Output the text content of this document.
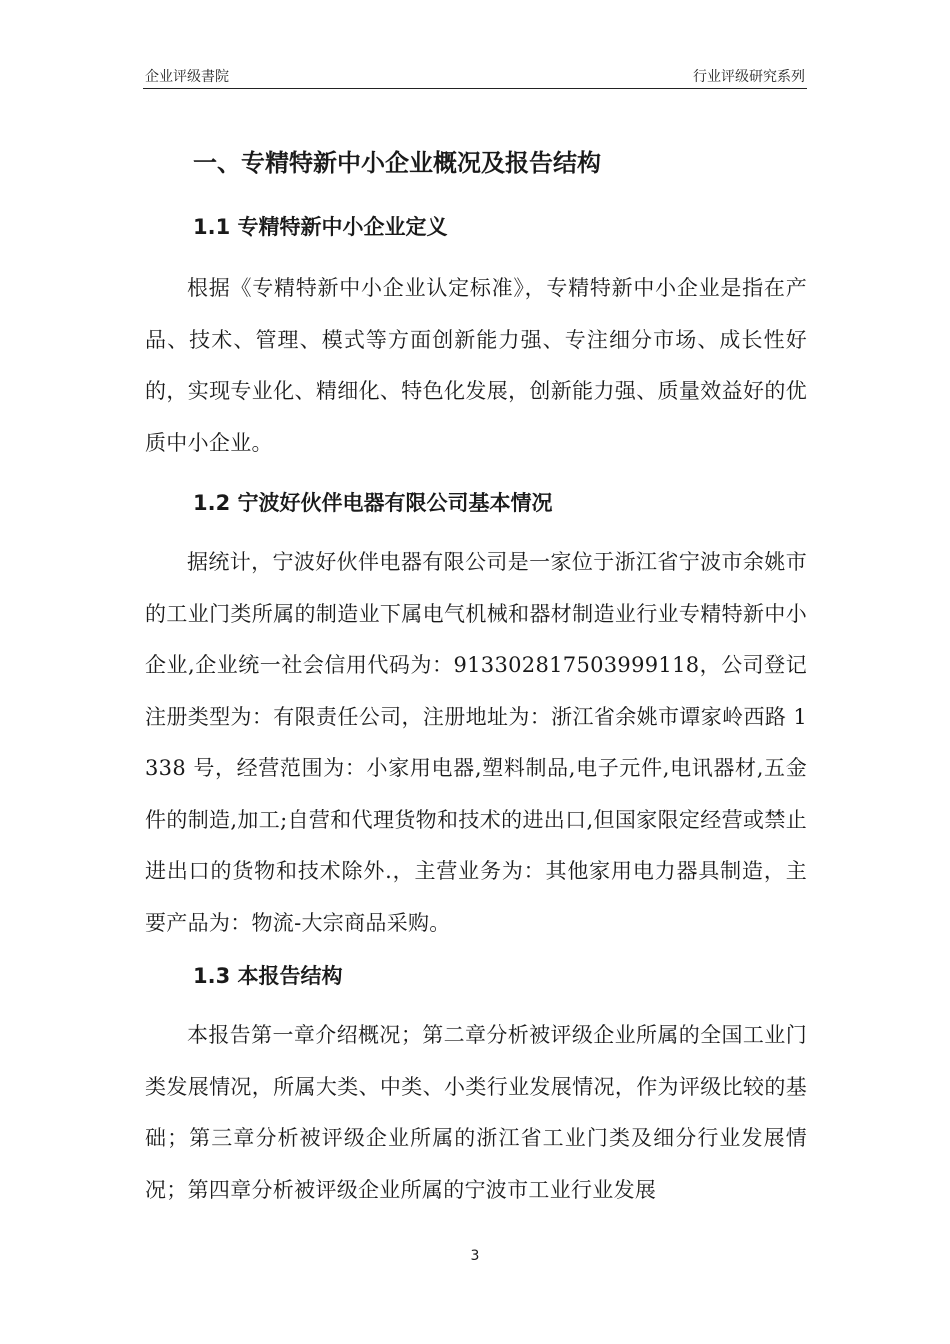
企业评级書院	行业评级研究系列
一、专精特新中小企业概况及报告结构
1.1 专精特新中小企业定义

根据《专精特新中小企业认定标准》，专精特新中小企业是指在产品、技术、管理、模式等方面创新能力强、专注细分市场、成长性好的，实现专业化、精细化、特色化发展，创新能力强、质量效益好的优质中小企业。

1.2 宁波好伙伴电器有限公司基本情况

据统计，宁波好伙伴电器有限公司是一家位于浙江省宁波市余姚市的工业门类所属的制造业下属电气机械和器材制造业行业专精特新中小企业,企业统一社会信用代码为：91330281750399911​8，公司登记注册类型为：有限责任公司，注册地址为：浙江省余姚市谭家岭西路 1338 号，经营范围为：小家用电器,塑料制品,电子元件,电讯器材,五金件的制造,加工;自营和代理货物和技术的进出口,但国家限定经营或禁止进出口的货物和技术除外.，主营业务为：其他家用电力器具制造，主要产品为：物流-大宗商品采购。

1.3 本报告结构

本报告第一章介绍概况；第二章分析被评级企业所属的全国工业门类发展情况，所属大类、中类、小类行业发展情况，作为评级比较的基础；第三章分析被评级企业所属的浙江省工业门类及细分行业发展情况；第四章分析被评级企业所属的宁波市工业行业发展

3
